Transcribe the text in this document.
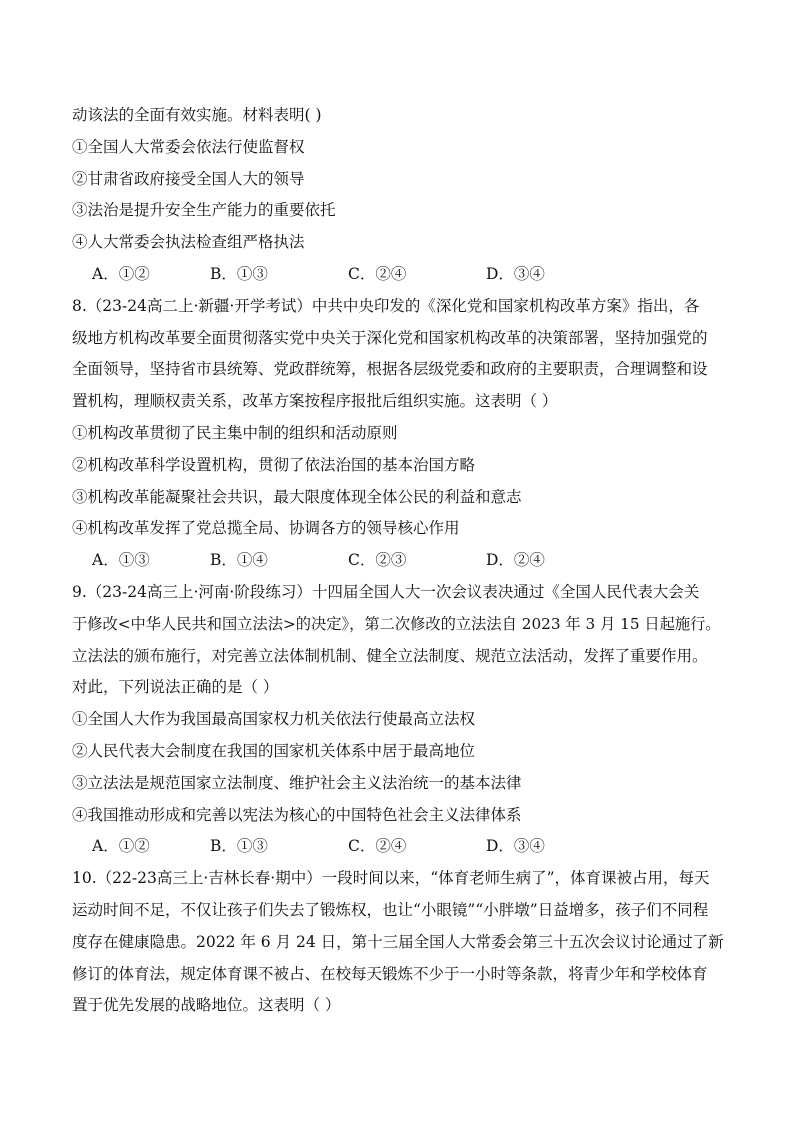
动该法的全面有效实施。材料表明( )
①全国人大常委会依法行使监督权
②甘肃省政府接受全国人大的领导
③法治是提升安全生产能力的重要依托
④人大常委会执法检查组严格执法
A．①②	B．①③	C．②④	D．③④
8.（23-24高二上·新疆·开学考试）中共中央印发的《深化党和国家机构改革方案》指出，各
级地方机构改革要全面贯彻落实党中央关于深化党和国家机构改革的决策部署，坚持加强党的
全面领导，坚持省市县统筹、党政群统筹，根据各层级党委和政府的主要职责，合理调整和设
置机构，理顺权责关系，改革方案按程序报批后组织实施。这表明（ ）
①机构改革贯彻了民主集中制的组织和活动原则
②机构改革科学设置机构，贯彻了依法治国的基本治国方略
③机构改革能凝聚社会共识，最大限度体现全体公民的利益和意志
④机构改革发挥了党总揽全局、协调各方的领导核心作用
A．①③	B．①④	C．②③	D．②④
9.（23-24高三上·河南·阶段练习）十四届全国人大一次会议表决通过《全国人民代表大会关
于修改<中华人民共和国立法法>的决定》，第二次修改的立法法自 2023 年 3 月 15 日起施行。
立法法的颁布施行，对完善立法体制机制、健全立法制度、规范立法活动，发挥了重要作用。
对此，下列说法正确的是（ ）
①全国人大作为我国最高国家权力机关依法行使最高立法权
②人民代表大会制度在我国的国家机关体系中居于最高地位
③立法法是规范国家立法制度、维护社会主义法治统一的基本法律
④我国推动形成和完善以宪法为核心的中国特色社会主义法律体系
A．①②	B．①③	C．②④	D．③④
10.（22-23高三上·吉林长春·期中）一段时间以来，“体育老师生病了”，体育课被占用，每天
运动时间不足，不仅让孩子们失去了锻炼权，也让“小眼镜”“小胖墩”日益增多，孩子们不同程
度存在健康隐患。2022 年 6 月 24 日，第十三届全国人大常委会第三十五次会议讨论通过了新
修订的体育法，规定体育课不被占、在校每天锻炼不少于一小时等条款，将青少年和学校体育
置于优先发展的战略地位。这表明（ ）
